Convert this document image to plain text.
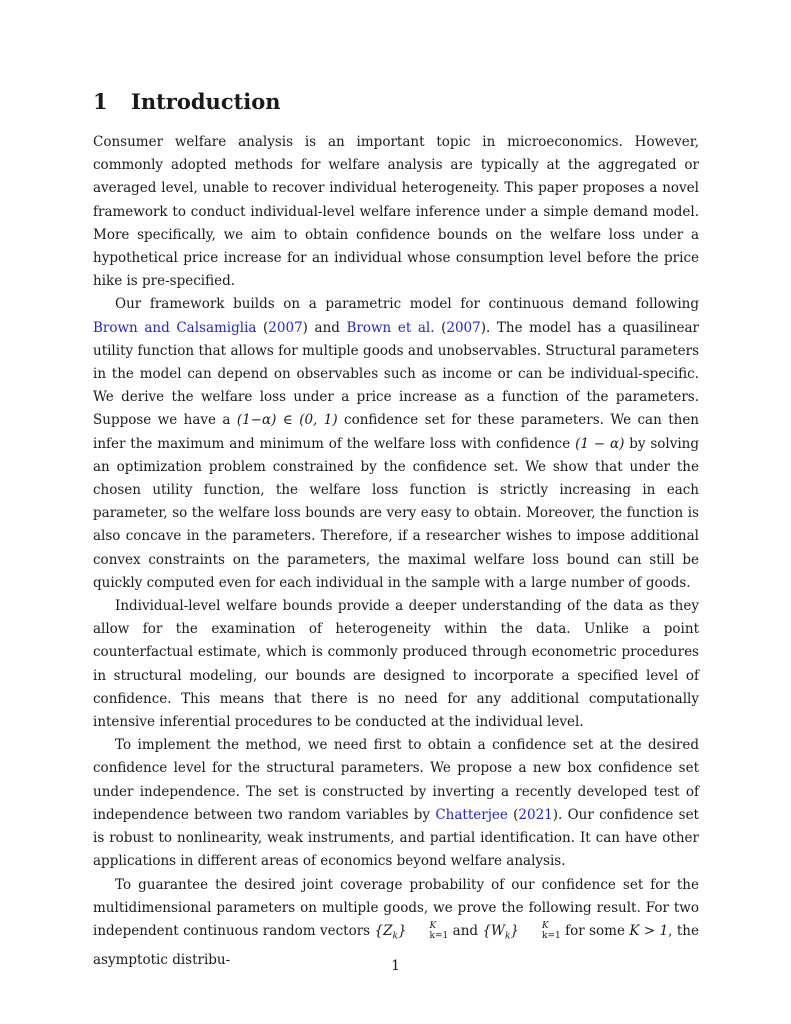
1 Introduction

Consumer welfare analysis is an important topic in microeconomics. However, commonly adopted methods for welfare analysis are typically at the aggregated or averaged level, unable to recover individual heterogeneity. This paper proposes a novel framework to conduct individual-level welfare inference under a simple demand model. More specifically, we aim to obtain confidence bounds on the welfare loss under a hypothetical price increase for an individual whose consumption level before the price hike is pre-specified.

Our framework builds on a parametric model for continuous demand following Brown and Calsamiglia (2007) and Brown et al. (2007). The model has a quasilinear utility function that allows for multiple goods and unobservables. Structural parameters in the model can depend on observables such as income or can be individual-specific. We derive the welfare loss under a price increase as a function of the parameters. Suppose we have a (1−α) ∈ (0, 1) confidence set for these parameters. We can then infer the maximum and minimum of the welfare loss with confidence (1 − α) by solving an optimization problem constrained by the confidence set. We show that under the chosen utility function, the welfare loss function is strictly increasing in each parameter, so the welfare loss bounds are very easy to obtain. Moreover, the function is also concave in the parameters. Therefore, if a researcher wishes to impose additional convex constraints on the parameters, the maximal welfare loss bound can still be quickly computed even for each individual in the sample with a large number of goods.

Individual-level welfare bounds provide a deeper understanding of the data as they allow for the examination of heterogeneity within the data. Unlike a point counterfactual estimate, which is commonly produced through econometric procedures in structural modeling, our bounds are designed to incorporate a specified level of confidence. This means that there is no need for any additional computationally intensive inferential procedures to be conducted at the individual level.

To implement the method, we need first to obtain a confidence set at the desired confidence level for the structural parameters. We propose a new box confidence set under independence. The set is constructed by inverting a recently developed test of independence between two random variables by Chatterjee (2021). Our confidence set is robust to nonlinearity, weak instruments, and partial identification. It can have other applications in different areas of economics beyond welfare analysis.

To guarantee the desired joint coverage probability of our confidence set for the multidimensional parameters on multiple goods, we prove the following result. For two independent continuous random vectors $\{Z_k\}$	K
k=1 and $\{W_k\}$	K
k=1 for some K > 1, the asymptotic distribu-	1
